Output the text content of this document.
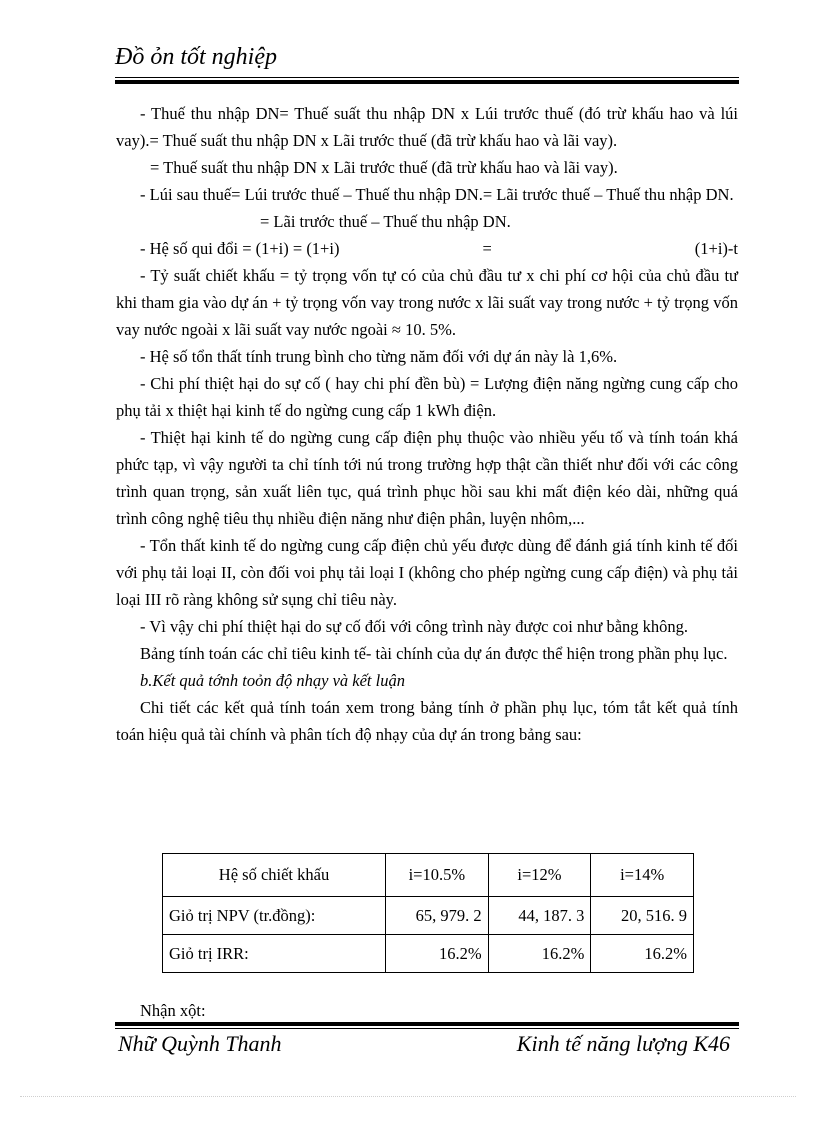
Đồ ỏn tốt nghiệp

- Thuế thu nhập DN= Thuế suất thu nhập DN x Lúi trước thuế (đó trừ khấu hao và lúi vay).= Thuế suất thu nhập DN x Lãi trước thuế (đã trừ khấu hao và lãi vay).

= Thuế suất thu nhập DN x Lãi trước thuế (đã trừ khấu hao và lãi vay).

- Lúi sau thuế= Lúi trước thuế – Thuế thu nhập DN.= Lãi trước thuế – Thuế thu nhập DN.

= Lãi trước thuế – Thuế thu nhập DN.

- Hệ số qui đổi = (1+i) = (1+i)	=	(1+i)-t

- Tỷ suất chiết khấu = tỷ trọng vốn tự có của chủ đầu tư x chi phí cơ hội của chủ đầu tư khi tham gia vào dự án + tỷ trọng vốn vay trong nước x lãi suất vay trong nước + tỷ trọng vốn vay nước ngoài x lãi suất vay nước ngoài ≈ 10. 5%.

- Hệ số tổn thất tính trung bình cho từng năm đối với dự án này là 1,6%.

- Chi phí thiệt hại do sự cố ( hay chi phí đền bù) = Lượng điện năng ngừng cung cấp cho phụ tải x thiệt hại kinh tế do ngừng cung cấp 1 kWh điện.

- Thiệt hại kinh tế do ngừng cung cấp điện phụ thuộc vào nhiều yếu tố và tính toán khá phức tạp, vì vậy người ta chỉ tính tới nú trong trường hợp thật cần thiết như đối với các công trình quan trọng, sản xuất liên tục, quá trình phục hồi sau khi mất điện kéo dài, những quá trình công nghệ tiêu thụ nhiều điện năng như điện phân, luyện nhôm,...

- Tổn thất kinh tế do ngừng cung cấp điện chủ yếu được dùng để đánh giá tính kinh tế đối với phụ tải loại II, còn đối voi phụ tải loại I (không cho phép ngừng cung cấp điện) và phụ tải loại III rõ ràng không sử sụng chỉ tiêu này.

- Vì vậy chi phí thiệt hại do sự cố đối với công trình này được coi như bằng không.

Bảng tính toán các chỉ tiêu kinh tế- tài chính của dự án được thể hiện trong phần phụ lục.

b.Kết quả tớnh toỏn độ nhạy và kết luận

Chi tiết các kết quả tính toán xem trong bảng tính ở phần phụ lục, tóm tắt kết quả tính toán hiệu quả tài chính và phân tích độ nhạy của dự án trong bảng sau:

Hệ số chiết khấu	i=10.5%	i=12%	i=14%
Giỏ trị NPV (tr.đồng):	65, 979. 2	44, 187. 3	20, 516. 9
Giỏ trị IRR:	16.2%	16.2%	16.2%
Nhận xột:
Nhữ Quỳnh Thanh	Kinh tế năng lượng K46
